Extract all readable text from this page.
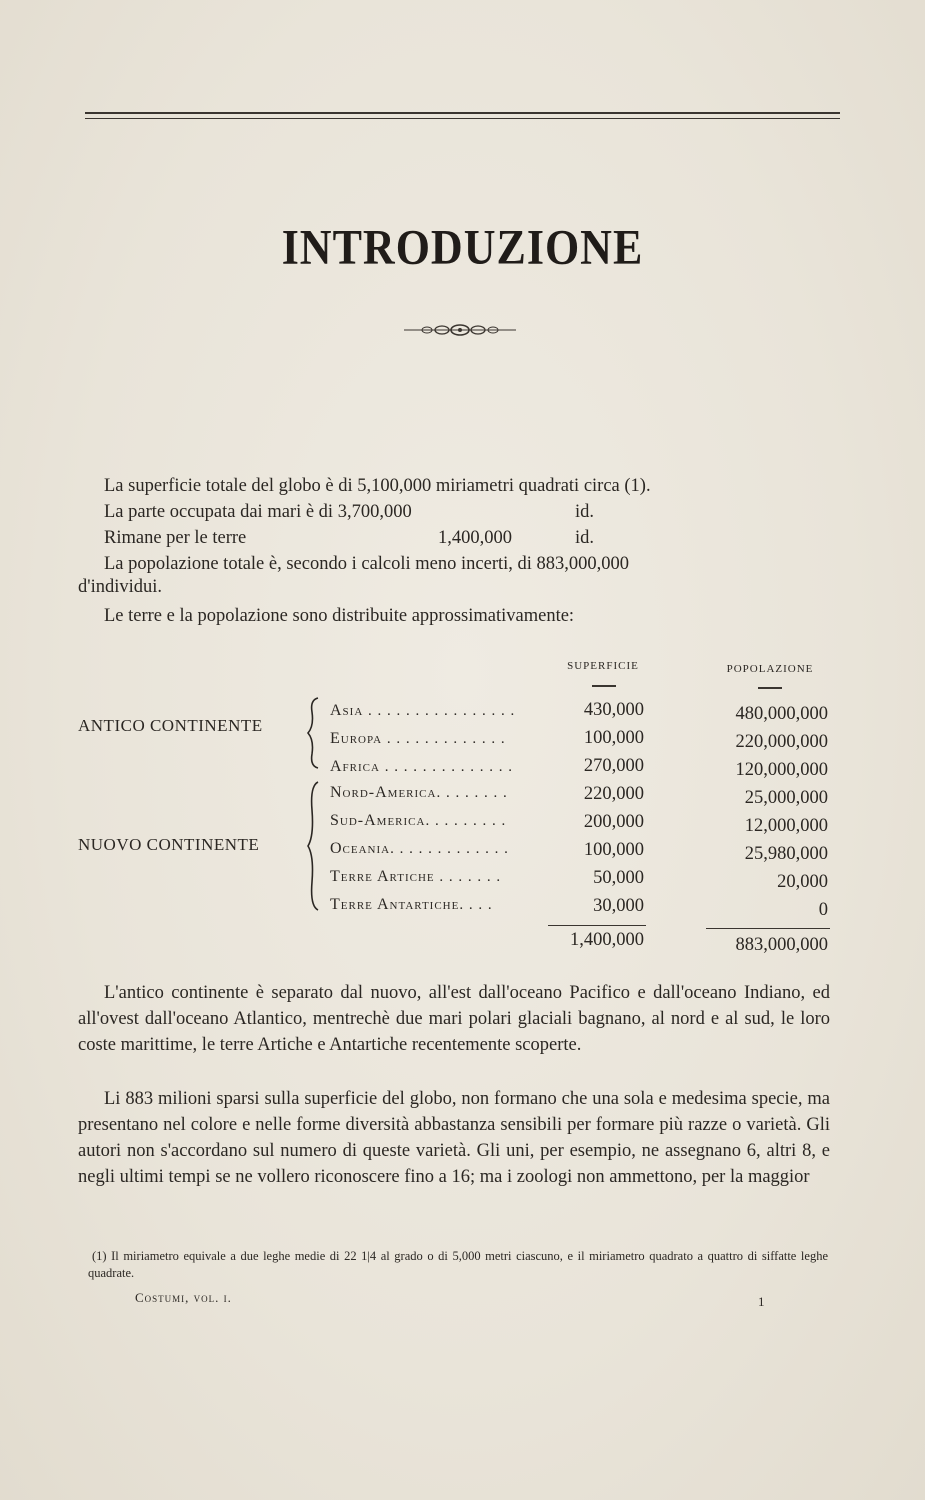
INTRODUZIONE
La superficie totale del globo è di 5,100,000 miriametri quadrati circa (1).
La parte occupata dai mari è di 3,700,000	id.
Rimane per le terre	1,400,000	id.
La popolazione totale è, secondo i calcoli meno incerti, di 883,000,000
d'individui.
Le terre e la popolazione sono distribuite approssimativamente:
SUPERFICIE	POPOLAZIONE
ANTICO CONTINENTE
NUOVO CONTINENTE
Asia . . . . . . . . . . . . . . . .	430,000	480,000,000
Europa . . . . . . . . . . . . .	100,000	220,000,000
Africa . . . . . . . . . . . . . .	270,000	120,000,000
Nord-America. . . . . . . .	220,000	25,000,000
Sud-America. . . . . . . . .	200,000	12,000,000
Oceania. . . . . . . . . . . . .	100,000	25,980,000
Terre Artiche . . . . . . .	50,000	20,000
Terre Antartiche. . . .	30,000	0
1,400,000	883,000,000
L'antico continente è separato dal nuovo, all'est dall'oceano Pacifico e dall'oceano Indiano, ed all'ovest dall'oceano Atlantico, mentrechè due mari polari glaciali bagnano, al nord e al sud, le loro coste marittime, le terre Artiche e Antartiche recentemente scoperte.
Li 883 milioni sparsi sulla superficie del globo, non formano che una sola e medesima specie, ma presentano nel colore e nelle forme diversità abbastanza sensibili per formare più razze o varietà. Gli autori non s'accordano sul numero di queste varietà. Gli uni, per esempio, ne assegnano 6, altri 8, e negli ultimi tempi se ne vollero riconoscere fino a 16; ma i zoologi non ammettono, per la maggior
(1) Il miriametro equivale a due leghe medie di 22 1|4 al grado o di 5,000 metri ciascuno, e il miriametro quadrato a quattro di siffatte leghe quadrate.
Costumi, vol. i.	1
